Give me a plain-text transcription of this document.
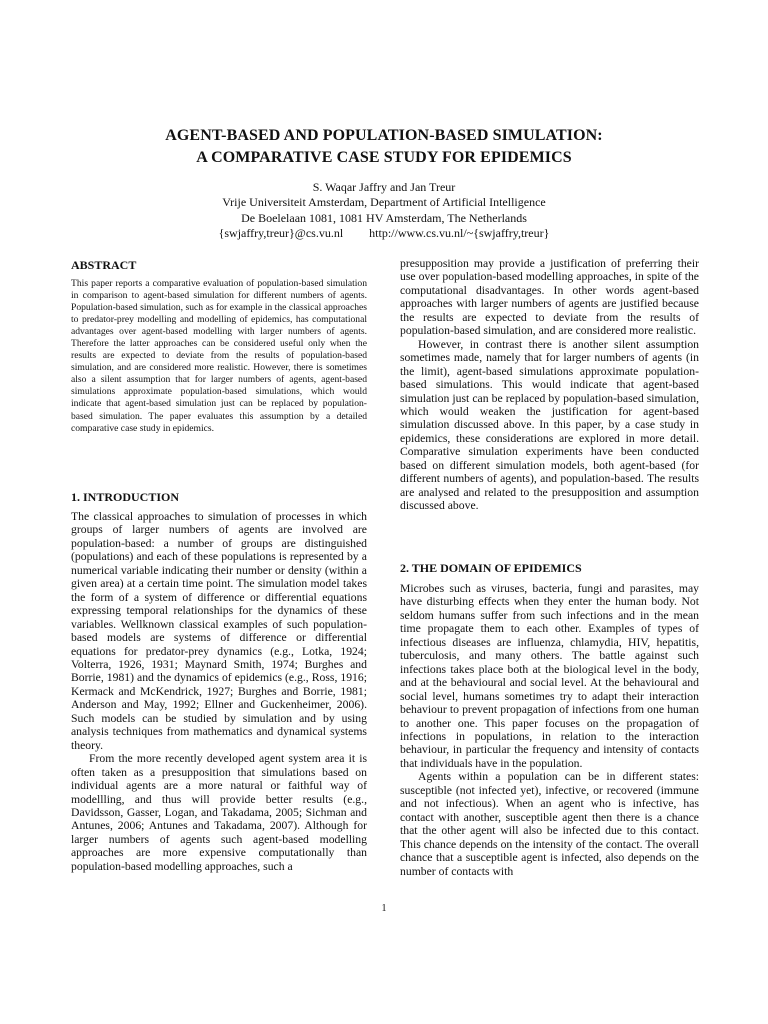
AGENT-BASED AND POPULATION-BASED SIMULATION:
A COMPARATIVE CASE STUDY FOR EPIDEMICS
S. Waqar Jaffry and Jan Treur
Vrije Universiteit Amsterdam, Department of Artificial Intelligence
De Boelelaan 1081, 1081 HV Amsterdam, The Netherlands
{swjaffry,treur}@cs.vu.nl http://www.cs.vu.nl/~{swjaffry,treur}

ABSTRACT

This paper reports a comparative evaluation of population-based simulation in comparison to agent-based simulation for different numbers of agents. Population-based simulation, such as for example in the classical approaches to predator-prey modelling and modelling of epidemics, has computational advantages over agent-based modelling with larger numbers of agents. Therefore the latter approaches can be considered useful only when the results are expected to deviate from the results of population-based simulation, and are considered more realistic. However, there is sometimes also a silent assumption that for larger numbers of agents, agent-based simulations approximate population-based simulations, which would indicate that agent-based simulation just can be replaced by population-based simulation. The paper evaluates this assumption by a detailed comparative case study in epidemics.

1. INTRODUCTION

The classical approaches to simulation of processes in which groups of larger numbers of agents are involved are population-based: a number of groups are distinguished (populations) and each of these populations is represented by a numerical variable indicating their number or density (within a given area) at a certain time point. The simulation model takes the form of a system of difference or differential equations expressing temporal relationships for the dynamics of these variables. Wellknown classical examples of such population-based models are systems of difference or differential equations for predator-prey dynamics (e.g., Lotka, 1924; Volterra, 1926, 1931; Maynard Smith, 1974; Burghes and Borrie, 1981) and the dynamics of epidemics (e.g., Ross, 1916; Kermack and McKendrick, 1927; Burghes and Borrie, 1981; Anderson and May, 1992; Ellner and Guckenheimer, 2006). Such models can be studied by simulation and by using analysis techniques from mathematics and dynamical systems theory.

From the more recently developed agent system area it is often taken as a presupposition that simulations based on individual agents are a more natural or faithful way of modellling, and thus will provide better results (e.g., Davidsson, Gasser, Logan, and Takadama, 2005; Sichman and Antunes, 2006; Antunes and Takadama, 2007). Although for larger numbers of agents such agent-based modelling approaches are more expensive computationally than population-based modelling approaches, such a

presupposition may provide a justification of preferring their use over population-based modelling approaches, in spite of the computational disadvantages. In other words agent-based approaches with larger numbers of agents are justified because the results are expected to deviate from the results of population-based simulation, and are considered more realistic.

However, in contrast there is another silent assumption sometimes made, namely that for larger numbers of agents (in the limit), agent-based simulations approximate population-based simulations. This would indicate that agent-based simulation just can be replaced by population-based simulation, which would weaken the justification for agent-based simulation discussed above. In this paper, by a case study in epidemics, these considerations are explored in more detail. Comparative simulation experiments have been conducted based on different simulation models, both agent-based (for different numbers of agents), and population-based. The results are analysed and related to the presupposition and assumption discussed above.

2. THE DOMAIN OF EPIDEMICS

Microbes such as viruses, bacteria, fungi and parasites, may have disturbing effects when they enter the human body. Not seldom humans suffer from such infections and in the mean time propagate them to each other. Examples of types of infectious diseases are influenza, chlamydia, HIV, hepatitis, tuberculosis, and many others. The battle against such infections takes place both at the biological level in the body, and at the behavioural and social level. At the behavioural and social level, humans sometimes try to adapt their interaction behaviour to prevent propagation of infections from one human to another one. This paper focuses on the propagation of infections in populations, in relation to the interaction behaviour, in particular the frequency and intensity of contacts that individuals have in the population.

Agents within a population can be in different states: susceptible (not infected yet), infective, or recovered (immune and not infectious). When an agent who is infective, has contact with another, susceptible agent then there is a chance that the other agent will also be infected due to this contact. This chance depends on the intensity of the contact. The overall chance that a susceptible agent is infected, also depends on the number of contacts with

1
